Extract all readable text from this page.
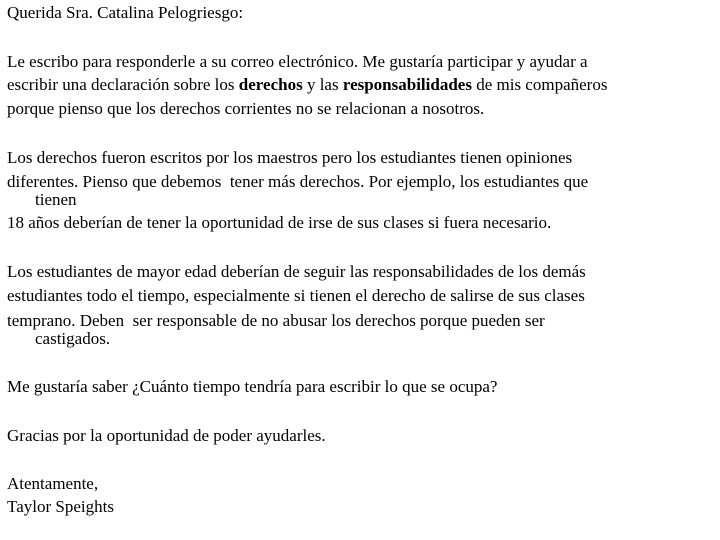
Querida Sra. Catalina Pelogriesgo:
Le escribo para responderle a su correo electrónico. Me gustaría participar y ayudar a
escribir una declaración sobre los derechos y las responsabilidades de mis compañeros
porque pienso que los derechos corrientes no se relacionan a nosotros.
Los derechos fueron escritos por los maestros pero los estudiantes tienen opiniones
diferentes. Pienso que debemos  tener más derechos. Por ejemplo, los estudiantes que
tienen
18 años deberían de tener la oportunidad de irse de sus clases si fuera necesario.
Los estudiantes de mayor edad deberían de seguir las responsabilidades de los demás
estudiantes todo el tiempo, especialmente si tienen el derecho de salirse de sus clases
temprano. Deben  ser responsable de no abusar los derechos porque pueden ser
castigados.
Me gustaría saber ¿Cuánto tiempo tendría para escribir lo que se ocupa?
Gracias por la oportunidad de poder ayudarles.
Atentamente,
Taylor Speights
